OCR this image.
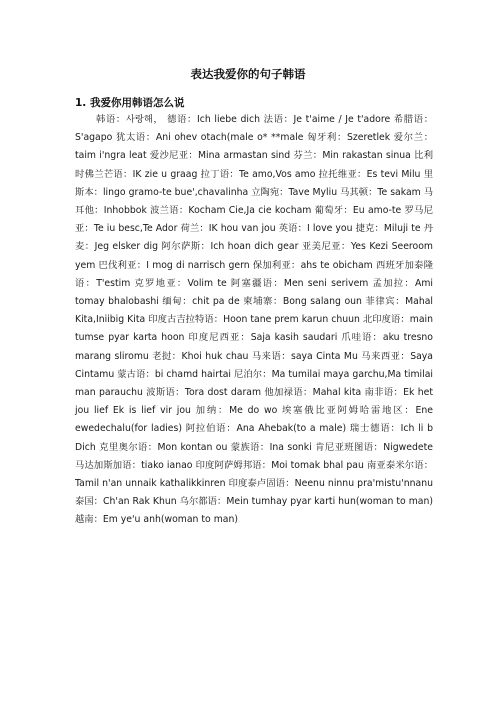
表达我爱你的句子韩语
1. 我爱你用韩语怎么说

韩语：사랑해， 德语：Ich liebe dich 法语：Je t'aime / Je t'adore 希腊语：S'agapo 犹太语：Ani ohev otach(male o* **male 匈牙利：Szeretlek 爱尔兰：taim i'ngra leat 爱沙尼亚：Mina armastan sind 芬兰：Min rakastan sinua 比利时佛兰芒语：IK zie u graag 拉丁语：Te amo,Vos amo 拉托维亚：Es tevi Milu 里斯本：lingo gramo-te bue',chavalinha 立陶宛：Tave Myliu 马其顿：Te sakam 马耳他：Inhobbok 波兰语：Kocham Cie,Ja cie kocham 葡萄牙：Eu amo-te 罗马尼亚：Te iu besc,Te Ador 荷兰：IK hou van jou 英语：I love you 捷克：Miluji te 丹麦：Jeg elsker dig 阿尔萨斯：Ich hoan dich gear 亚美尼亚：Yes Kezi Seeroom yem 巴伐利亚：I mog di narrisch gern 保加利亚：ahs te obicham 西班牙加泰隆语：T'estim 克罗地亚：Volim te 阿塞疆语：Men seni serivem 孟加拉：Ami tomay bhalobashi 缅甸：chit pa de 柬埔寨：Bong salang oun 菲律宾：Mahal Kita,Iniibig Kita 印度古吉拉特语：Hoon tane prem karun chuun 北印度语：main tumse pyar karta hoon 印度尼西亚：Saja kasih saudari 爪哇语：aku tresno marang sliromu 老挝：Khoi huk chau 马来语：saya Cinta Mu 马来西亚：Saya Cintamu 蒙古语：bi chamd hairtai 尼泊尔：Ma tumilai maya garchu,Ma timilai man parauchu 波斯语：Tora dost daram 他加禄语：Mahal kita 南非语：Ek het jou lief Ek is lief vir jou 加纳：Me do wo 埃塞俄比亚阿姆哈雷地区：Ene ewedechalu(for ladies) 阿拉伯语：Ana Ahebak(to a male) 瑞士德语：Ich li b Dich 克里奥尔语：Mon kontan ou 蒙族语：Ina sonki 肯尼亚班图语：Nigwedete 马达加斯加语：tiako ianao 印度阿萨姆邦语：Moi tomak bhal pau 南亚泰米尔语：Tamil n'an unnaik kathalikkinren 印度泰卢固语：Neenu ninnu pra'mistu'nnanu 泰国：Ch'an Rak Khun 乌尔都语：Mein tumhay pyar karti hun(woman to man) 越南：Em ye'u anh(woman to man)
